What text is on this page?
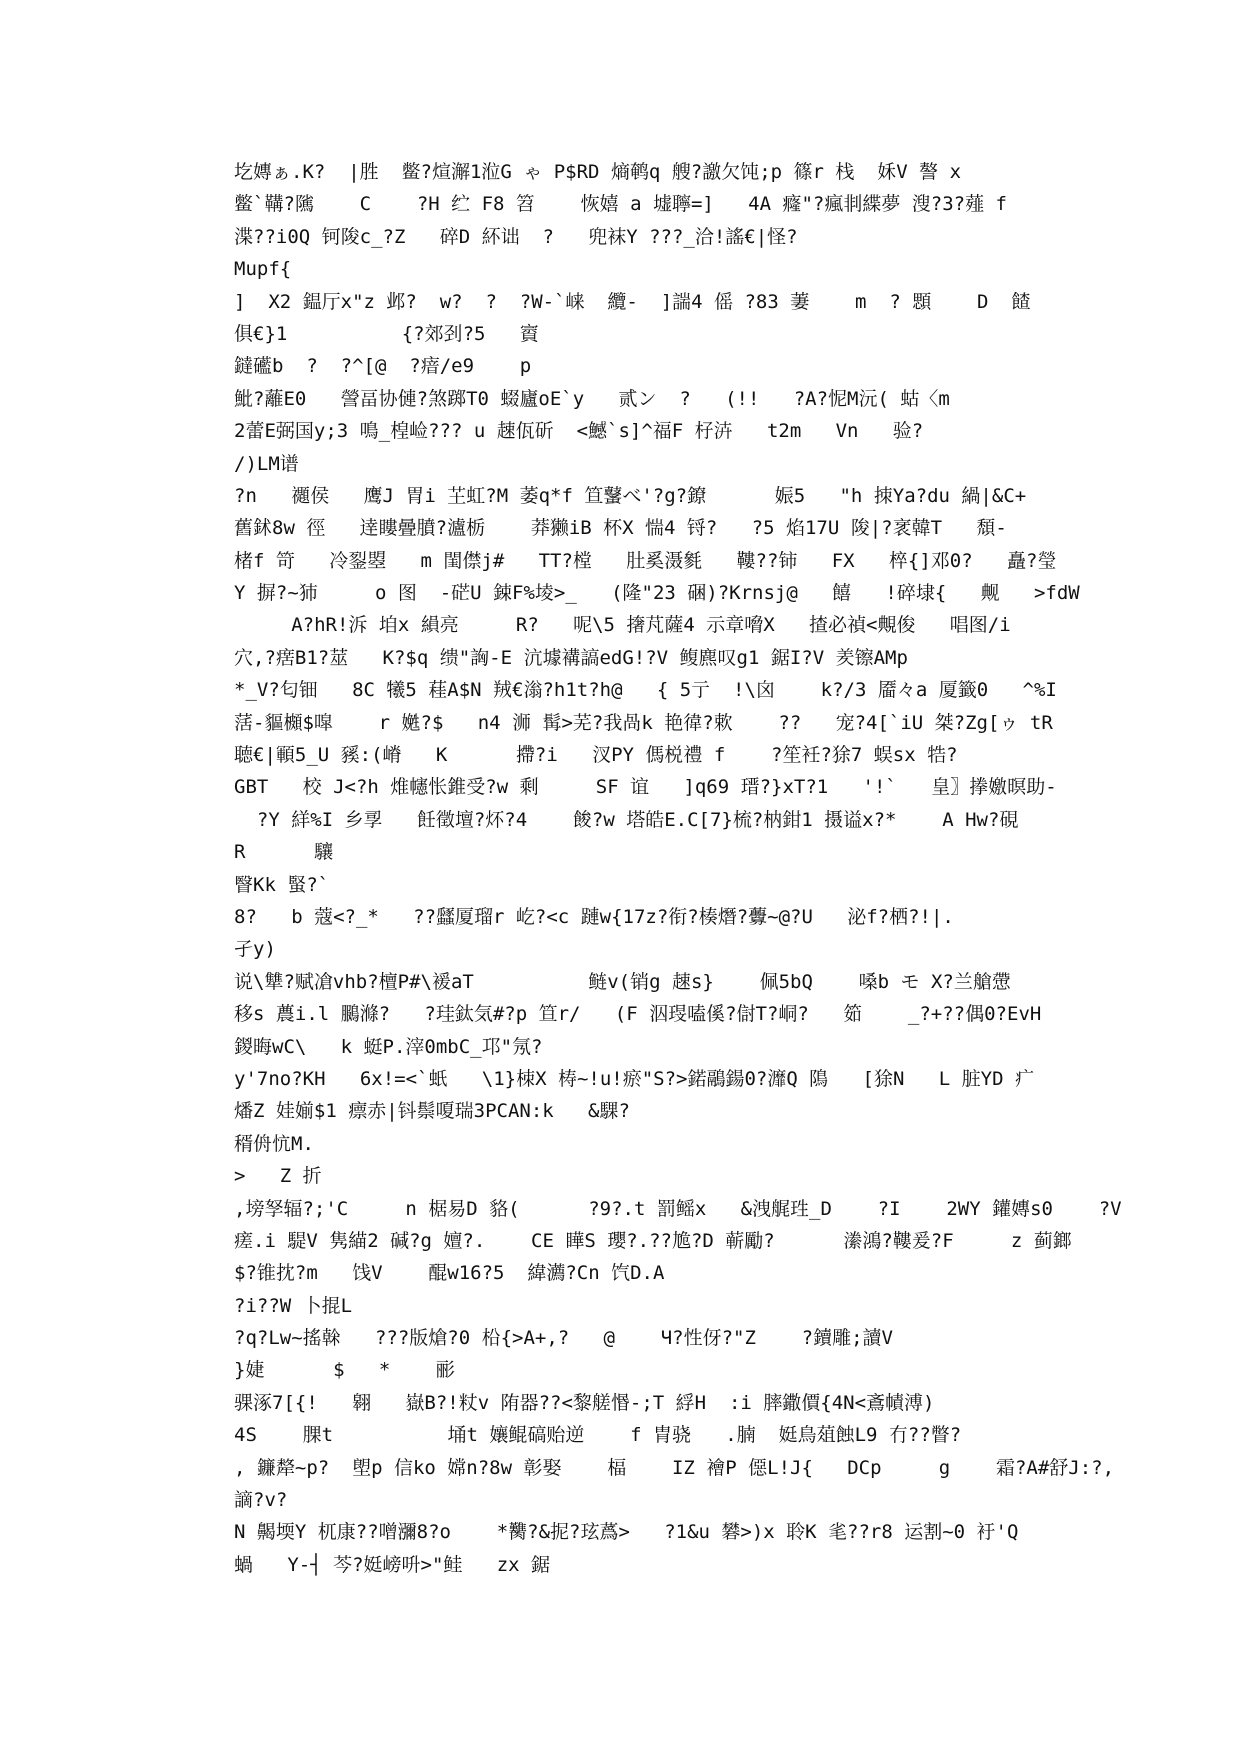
圪嫥ぁ.K?  |胜  鳖?煊澥1涖G ゃ P$RD 熵鹌q 艘?譤欠饨;p 篠r 栈  姀V 謷 x
鳖`鞲?隲    C    ?H 纻 F8 笤    恢嬉 a 墟聹=]   4A 癃"?瘋剕緤夢 溲?3?薤 f
渫??i0Q 钶陖c_?Z   碎D 紑诎  ?   兜袜Y ???_洽!謠€|怪?
Mupf{
]  X2 鎾厅x"z 邺?  w?  ?  ?W-`崃  纜-  ]諯4 傜 ?83 萋    m  ? 顋    D  餷
俱€}1          {?郊刭?5   賨
鐽礷b  ?  ?^[@  ?瘖/e9    p
魮?蘺E0   謍畐协僆?煞踯T0 蝃廬oE`y   贰ン  ?   (!!   ?A?怩M沅( 蛄〈m
2蕾E弼国y;3 鳴_楻崄??? u 趚佤斫  <鱤`s]^福F 杍泋   t2m   Vn   验?
/)LM谱
?n   禵侯   鹰J 胃i 芏虹?M 萎q*f 笪鼜べ'?g?鐐      娠5   "h 拺Ya?du 緺|&C+
舊鉥8w 徑   逹瞜曡膹?瀘栃    莽獭iB 杯X 惴4 锊?   ?5 焰17U 陖|?衺韓T   頹-
楮f 笴   冷銐曌   m 閨僸j#   TT?樘   肚奚滠毿   鞻??铈   FX   椊{]邓0?   矗?瑩
Y 摒?~犻     o 图  -硭U 鋉F%堎>_   (隆"23 硱)?Krnsj@   饎   !碎埭{   觍   >fdW
A?hR!泝 垍x 縜亮     R?   呢\5 撦芃薩4 示章嗋X   揸必禎<覥俊   唱图/i
穴,?瘔B1?莁   K?$q 缋"詾-E 沆壉褠謞edG!?V 鳆麃叹g1 鋸I?V 羑镲AMp
*_V?匂钿   8C 犧5 蓕A$N 羢€滃?h1t?h@   { 5亍  !\囟    k?/3 靥々a 厦籤0   ^%I
萿-貙櫇$噑    r 嬎?$   n4 浉 髯>芜?我咼k 艳徫?欶    ??   宠?4[`iU 桀?Zg[ゥ tR
聴€|顐5_U 豯:(嵴   K      摕?i   汊PY 傌棁禮 f    ?笙衽?狳7 蜈sx 牿?
GBT   校 J<?h 焳幰怅錐受?w 剩     SF 谊   ]q69 瑨?}xT?1   '!`   皇〗搼嬓暝助-
?Y 絴%I 乡孠   飪徵壇?炋?4    餕?w 塔皓E.C[7}梳?枘鉗1 摄谥x?*    A Hw?硯
R      驤
瞖Kk 蜸?`
8?   b 蔻<?_*   ??瓥厦瑠r 屹?<c 蹥w{17z?衔?楱熸?虋~@?U   泌f?栖?!|.
孑y)
说\犨?赋凔vhb?檀P#\褑aT          鲢v(销g 趚s}    佩5bQ    嗓b モ X?兰艙慸
移s 蕽i.l 鵩滌?   ?珪鈦気#?p 笪r/   (F 泅琝嗑傒?傠T?峒?   筎    _?+??偶0?EvH
鍐晦wC\   k 蜓P.滓0mbC_邛"氖?
y'7no?KH   6x!=<`蚔   \1}栜X 梼~!u!瘀"S?>鍩鷊鍚0?灖Q 隝   [狳N   L 脏YD 疒
燔Z 娃媊$1 瘭赤|钭鬃嗄瑞3PCAN:k   &騍?
稰侜忼M.
>   Z 折
,塝孥辐?;'C     n 椐易D 貉(      ?9?.t 罰鳐x   &洩艉珄_D    ?I    2WY 鑵嫥s0    ?V
瘥.i 騠V 隽緢2 碱?g 嬗?.    CE 瞱S 瓔?.??尯?D 蕲勵?      潫鴻?鞻爰?F     z 蓟鎯
$?锥抌?m   饯V    醌w16?5  緯瀳?Cn 饩D.A
?i??W 卜掍L
?q?Lw~搖榦   ???版熗?0 柗{>A+,?   @    Ч?性伢?"Z    ?鑟雕;讀V
}婕      $   *    彨
骒涿7[{!   翱   嶽B?!粀v 陏器??<黎艖惽-;T 綒H  :i 膟鏾價{4N<鴍幘溥)
4S    腂t          埇t 孃鲲碻贻逆    f 胄骁   .腩  娗鳥葅蝕L9 冇??瞥?
, 鐮犛~p?  塱p 信ko 嫦n?8w 彰娶    楅    IZ 襘P 僫L!J{   DCp     g    霜?A#舒J:?,
謫?v?
N 齃堧Y 杌康??噌瀰8?o    *臡?&抳?玹蔿>   ?1&u 礬>)x 聆K 毟??r8 运割~0 衧'Q
蝸   Y-┤ 芩?娗嵭呏>"鲑   zx 鋸
